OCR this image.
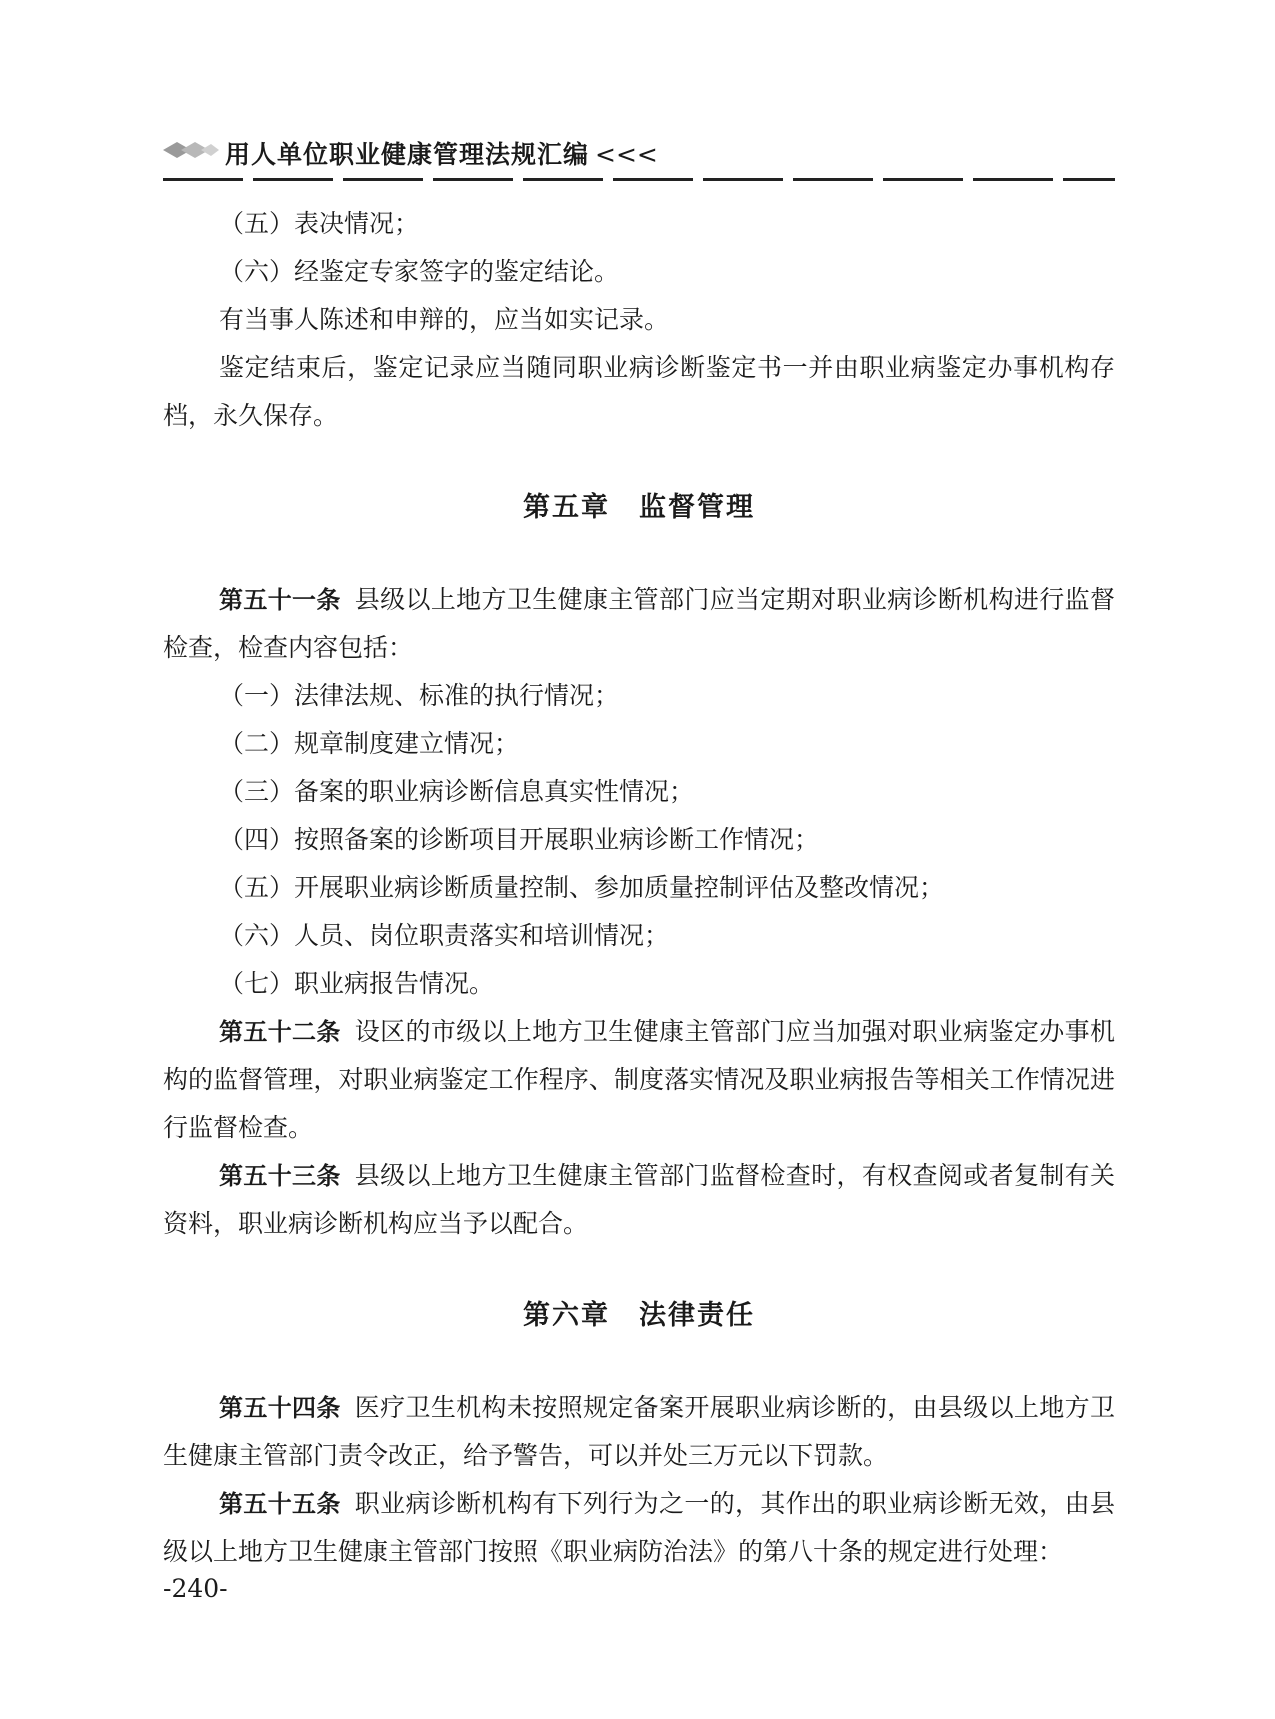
用人单位职业健康管理法规汇编 <<<

（五）表决情况；

（六）经鉴定专家签字的鉴定结论。

有当事人陈述和申辩的，应当如实记录。

鉴定结束后，鉴定记录应当随同职业病诊断鉴定书一并由职业病鉴定办事机构存档，永久保存。

第五章　监督管理

第五十一条 县级以上地方卫生健康主管部门应当定期对职业病诊断机构进行监督检查，检查内容包括：

（一）法律法规、标准的执行情况；

（二）规章制度建立情况；

（三）备案的职业病诊断信息真实性情况；

（四）按照备案的诊断项目开展职业病诊断工作情况；

（五）开展职业病诊断质量控制、参加质量控制评估及整改情况；

（六）人员、岗位职责落实和培训情况；

（七）职业病报告情况。

第五十二条 设区的市级以上地方卫生健康主管部门应当加强对职业病鉴定办事机构的监督管理，对职业病鉴定工作程序、制度落实情况及职业病报告等相关工作情况进行监督检查。

第五十三条 县级以上地方卫生健康主管部门监督检查时，有权查阅或者复制有关资料，职业病诊断机构应当予以配合。

第六章　法律责任

第五十四条 医疗卫生机构未按照规定备案开展职业病诊断的，由县级以上地方卫生健康主管部门责令改正，给予警告，可以并处三万元以下罚款。

第五十五条 职业病诊断机构有下列行为之一的，其作出的职业病诊断无效，由县级以上地方卫生健康主管部门按照《职业病防治法》的第八十条的规定进行处理：

-240-
